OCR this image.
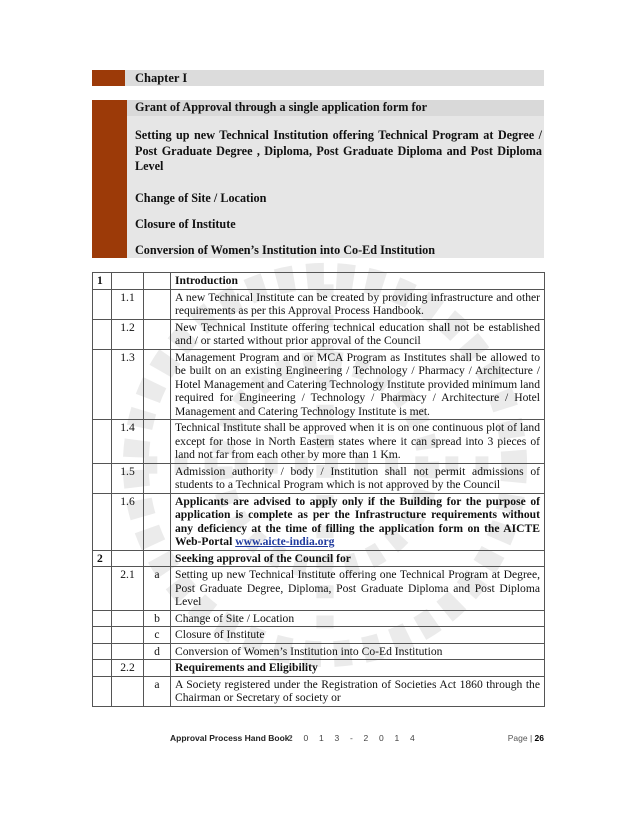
Chapter I
Grant of Approval through a single application form for
Setting up new Technical Institution offering Technical Program at Degree / Post Graduate Degree , Diploma, Post Graduate Diploma and Post Diploma Level
Change of Site / Location
Closure of Institute
Conversion of Women’s Institution into Co-Ed Institution
1			Introduction
	1.1		A new Technical Institute can be created by providing infrastructure and other requirements as per this Approval Process Handbook.
	1.2		New Technical Institute offering technical education shall not be established and / or started without prior approval of the Council
	1.3		Management Program and or MCA Program as Institutes shall be allowed to be built on an existing Engineering / Technology / Pharmacy / Architecture / Hotel Management and Catering Technology Institute provided minimum land required for Engineering / Technology / Pharmacy / Architecture / Hotel Management and Catering Technology Institute is met.
	1.4		Technical Institute shall be approved when it is on one continuous plot of land except for those in North Eastern states where it can spread into 3 pieces of land not far from each other by more than 1 Km.
	1.5		Admission authority / body / Institution shall not permit admissions of students to a Technical Program which is not approved by the Council
	1.6		Applicants are advised to apply only if the Building for the purpose of application is complete as per the Infrastructure requirements without any deficiency at the time of filling the application form on the AICTE Web-Portal www.aicte-india.org
2			Seeking approval of the Council for
	2.1	a	Setting up new Technical Institute offering one Technical Program at Degree, Post Graduate Degree, Diploma, Post Graduate Diploma and Post Diploma Level
		b	Change of Site / Location
		c	Closure of Institute
		d	Conversion of Women’s Institution into Co-Ed Institution
	2.2		Requirements and Eligibility
		a	A Society registered under the Registration of Societies Act 1860 through the Chairman or Secretary of society or
Approval Process Hand Book:
2 0 1 3 - 2 0 1 4	Page | 26
